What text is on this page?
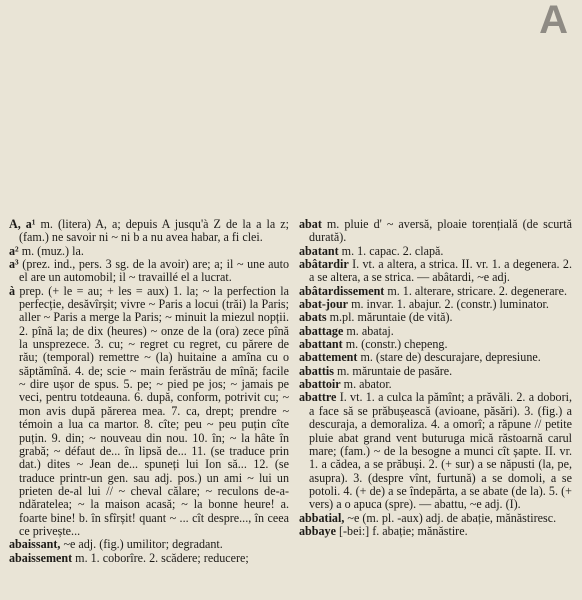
A

A, a¹ m. (litera) A, a; depuis A jusqu'à Z de la a la z; (fam.) ne savoir ni ~ ni b a nu avea habar, a fi clei.

a² m. (muz.) la.

a³ (prez. ind., pers. 3 sg. de la avoir) are; a; il ~ une auto el are un automobil; il ~ travaillé el a lucrat.

à prep. (+ le = au; + les = aux) 1. la; ~ la perfection la perfecție, desăvîrșit; vivre ~ Paris a locui (trăi) la Paris; aller ~ Paris a merge la Paris; ~ minuit la miezul nopții. 2. pînă la; de dix (heures) ~ onze de la (ora) zece pînă la unsprezece. 3. cu; ~ regret cu regret, cu părere de rău; (temporal) remettre ~ (la) huitaine a amîna cu o săptămînă. 4. de; scie ~ main ferăstrău de mînă; facile ~ dire ușor de spus. 5. pe; ~ pied pe jos; ~ jamais pe veci, pentru totdeauna. 6. după, conform, potrivit cu; ~ mon avis după părerea mea. 7. ca, drept; prendre ~ témoin a lua ca martor. 8. cîte; peu ~ peu puțin cîte puțin. 9. din; ~ nouveau din nou. 10. în; ~ la hâte în grabă; ~ défaut de... în lipsă de... 11. (se traduce prin dat.) dites ~ Jean de... spuneți lui Ion să... 12. (se traduce printr-un gen. sau adj. pos.) un ami ~ lui un prieten de-al lui // ~ cheval călare; ~ reculons de-a-ndăratelea; ~ la maison acasă; ~ la bonne heure! a. foarte bine! b. în sfîrșit! quant ~ ... cît despre..., în ceea ce privește...

abaissant, ~e adj. (fig.) umilitor; degradant.

abaissement m. 1. coborîre. 2. scădere; reducere;

abat m. pluie d' ~ aversă, ploaie torențială (de scurtă durată).

abatant m. 1. capac. 2. clapă.

abâtardir I. vt. a altera, a strica. II. vr. 1. a degenera. 2. a se altera, a se strica. — abâtardi, ~e adj.

abâtardissement m. 1. alterare, stricare. 2. degenerare.

abat-jour m. invar. 1. abajur. 2. (constr.) luminator.

abats m.pl. măruntaie (de vită).

abattage m. abataj.

abattant m. (constr.) chepeng.

abattement m. (stare de) descurajare, depresiune.

abattis m. măruntaie de pasăre.

abattoir m. abator.

abattre I. vt. 1. a culca la pămînt; a prăvăli. 2. a dobori, a face să se prăbușească (avioane, păsări). 3. (fig.) a descuraja, a demoraliza. 4. a omorî; a răpune // petite pluie abat grand vent buturuga mică răstoarnă carul mare; (fam.) ~ de la besogne a munci cît șapte. II. vr. 1. a cădea, a se prăbuși. 2. (+ sur) a se năpusti (la, pe, asupra). 3. (despre vînt, furtună) a se domoli, a se potoli. 4. (+ de) a se îndepărta, a se abate (de la). 5. (+ vers) a o apuca (spre). — abattu, ~e adj. (I).

abbatial, ~e (m. pl. -aux) adj. de abație, mănăstiresc.

abbaye [-bei:] f. abație; mănăstire.
